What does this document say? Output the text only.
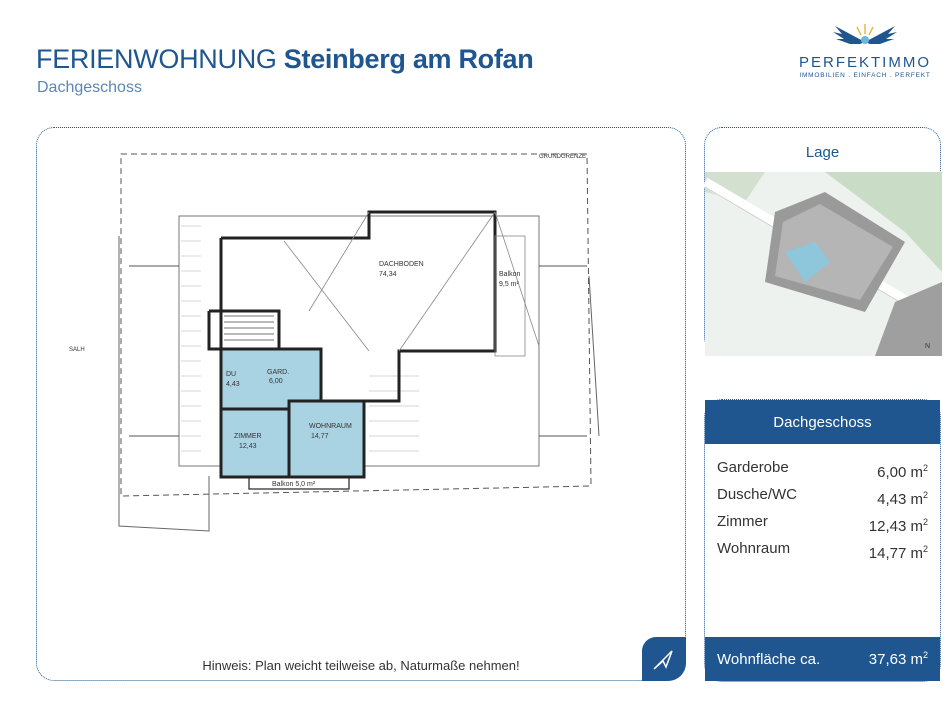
FERIENWOHNUNG Steinberg am Rofan
Dachgeschoss
PERFEKTIMMO
IMMOBILIEN . EINFACH . PERFEKT
GRUNDGRENZE
DACHBODEN
74,34	Balkon
9,5 m²
GARD.
6,00
DU
4,43
ZIMMER
12,43
WOHNRAUM
14,77
Balkon 5,0 m²
SALH
Hinweis: Plan weicht teilweise ab, Naturmaße nehmen!
Lage
N
Dachgeschoss
Garderobe	6,00 $m^2$
Dusche/WC	4,43 $m^2$
Zimmer	12,43 $m^2$
Wohnraum	14,77 $m^2$
Wohnfläche ca.	37,63 $m^2$
